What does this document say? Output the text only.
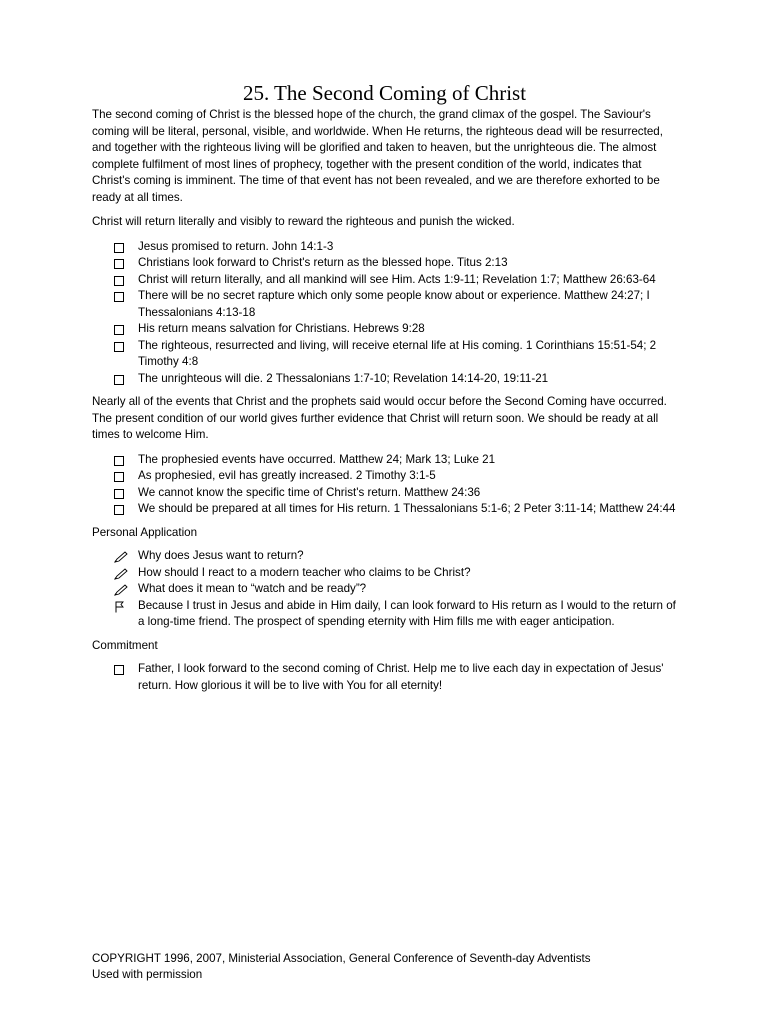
25. The Second Coming of Christ

The second coming of Christ is the blessed hope of the church, the grand climax of the gospel. The Saviour's coming will be literal, personal, visible, and worldwide. When He returns, the righteous dead will be resurrected, and together with the righteous living will be glorified and taken to heaven, but the unrighteous die. The almost complete fulfilment of most lines of prophecy, together with the present condition of the world, indicates that Christ's coming is imminent. The time of that event has not been revealed, and we are therefore exhorted to be ready at all times.

Christ will return literally and visibly to reward the righteous and punish the wicked.

Jesus promised to return. John 14:1-3
Christians look forward to Christ's return as the blessed hope. Titus 2:13
Christ will return literally, and all mankind will see Him. Acts 1:9-11; Revelation 1:7; Matthew 26:63-64
There will be no secret rapture which only some people know about or experience. Matthew 24:27; I Thessalonians 4:13-18
His return means salvation for Christians. Hebrews 9:28
The righteous, resurrected and living, will receive eternal life at His coming. 1 Corinthians 15:51-54; 2 Timothy 4:8
The unrighteous will die. 2 Thessalonians 1:7-10; Revelation 14:14-20, 19:11-21

Nearly all of the events that Christ and the prophets said would occur before the Second Coming have occurred. The present condition of our world gives further evidence that Christ will return soon. We should be ready at all times to welcome Him.

The prophesied events have occurred. Matthew 24; Mark 13; Luke 21
As prophesied, evil has greatly increased. 2 Timothy 3:1-5
We cannot know the specific time of Christ's return. Matthew 24:36
We should be prepared at all times for His return. 1 Thessalonians 5:1-6; 2 Peter 3:11-14; Matthew 24:44

Personal Application

Why does Jesus want to return?
How should I react to a modern teacher who claims to be Christ?
What does it mean to “watch and be ready”?
Because I trust in Jesus and abide in Him daily, I can look forward to His return as I would to the return of a long-time friend. The prospect of spending eternity with Him fills me with eager anticipation.

Commitment

Father, I look forward to the second coming of Christ. Help me to live each day in expectation of Jesus' return. How glorious it will be to live with You for all eternity!
COPYRIGHT 1996, 2007, Ministerial Association, General Conference of Seventh-day Adventists
Used with permission
